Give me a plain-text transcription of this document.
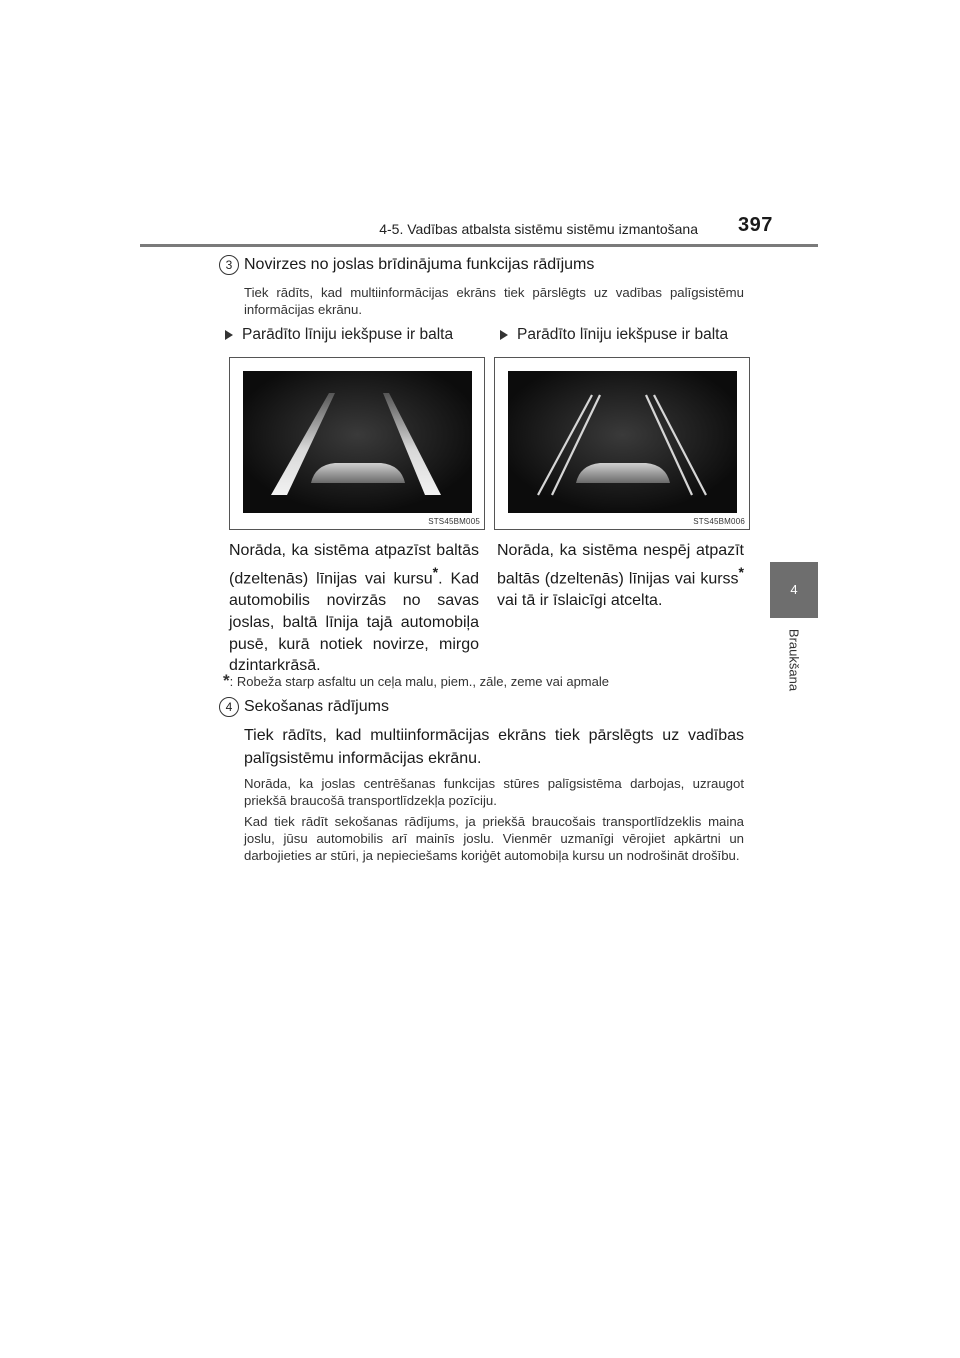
4-5. Vadības atbalsta sistēmu sistēmu izmantošana 397
4
Braukšana
3 Novirzes no joslas brīdinājuma funkcijas rādījums
Tiek rādīts, kad multiinformācijas ekrāns tiek pārslēgts uz vadības palīgsistēmu informācijas ekrānu.
Parādīto līniju iekšpuse ir balta	Parādīto līniju iekšpuse ir balta
STS45BM005	STS45BM006
Norāda, ka sistēma atpazīst baltās (dzeltenās) līnijas vai kursu*. Kad automobilis novirzās no savas joslas, baltā līnija tajā automobiļa pusē, kurā notiek novirze, mirgo dzintarkrāsā.
Norāda, ka sistēma nespēj atpazīt baltās (dzeltenās) līnijas vai kurss* vai tā ir īslaicīgi atcelta.
*: Robeža starp asfaltu un ceļa malu, piem., zāle, zeme vai apmale
4 Sekošanas rādījums
Tiek rādīts, kad multiinformācijas ekrāns tiek pārslēgts uz vadības palīgsistēmu informācijas ekrānu.
Norāda, ka joslas centrēšanas funkcijas stūres palīgsistēma darbojas, uzraugot priekšā braucošā transportlīdzekļa pozīciju.
Kad tiek rādīt sekošanas rādījums, ja priekšā braucošais transportlīdzeklis maina joslu, jūsu automobilis arī mainīs joslu. Vienmēr uzmanīgi vērojiet apkārtni un darbojieties ar stūri, ja nepieciešams koriģēt automobiļa kursu un nodrošināt drošību.
